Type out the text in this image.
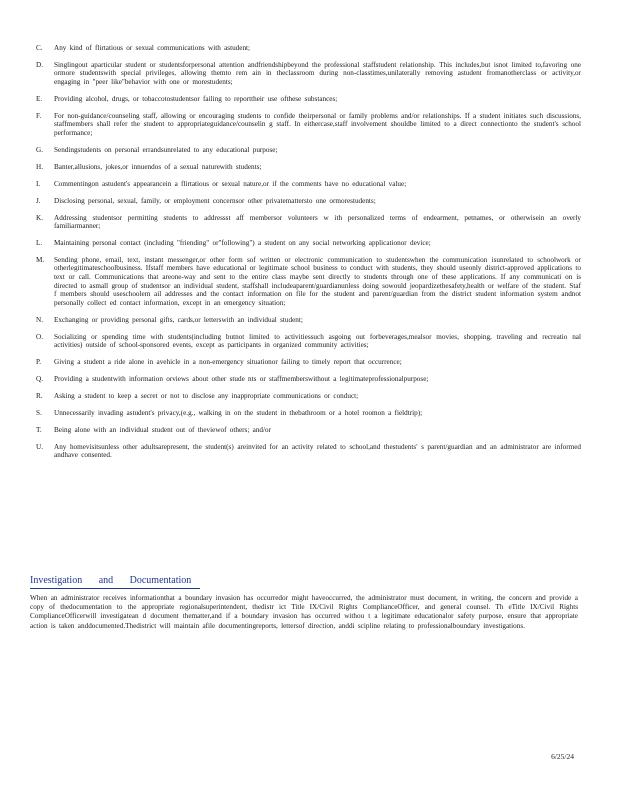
C.	Any kind of flirtatious or sexual communications with astudent;
D.	Singlingout aparticular student or studentsforpersonal attention andfriendshipbeyond the professional staffstudent relationship. This includes,but isnot limited to,favoring one ormore studentswith special privileges, allowing themto rem ain in theclassroom during non-classtimes,unilaterally removing astudent fromanotherclass or activity,or engaging in "peer like"behavior with one or morestudents;
E.	Providing alcohol, drugs, or tobaccotostudentsor failing to reporttheir use ofthese substances;
F.	For non-guidance/counseling staff, allowing or encouraging students to confide theirpersonal or family problems and/or relationships. If a student initiates such discussions, staffmembers shall refer the student to appropriateguidance/counselin g staff. In eithercase,staff involvement shouldbe limited to a direct connectionto the student's school performance;
G.	Sendingstudents on personal errandsunrelated to any educational purpose;
H.	Banter,allusions, jokes,or innuendos of a sexual naturewith students;
I.	Commentingon astudent's appearancein a flirtatious or sexual nature,or if the comments have no educational value;
J.	Disclosing personal, sexual, family, or employment concernsor other privatemattersto one ormorestudents;
K.	Addressing studentsor permitting students to addressst aff membersor volunteers w ith personalized terms of endearment, petnames, or otherwisein an overly familiarmanner;
L.	Maintaining personal contact (including "friending" or"following") a student on any social networking applicationor device;
M.	Sending phone, email, text, instant messenger,or other form sof written or electronic communication to studentswhen the communication isunrelated to schoolwork or otherlegitimateschoolbusiness. Ifstaff members have educational or legitimate school business to conduct with students, they should useonly district-approved applications to text or call. Communications that areone-way and sent to the entire class maybe sent directly to students through one of these applications. If any communicati on is directed to asmall group of studentsor an individual student, staffshall includeaparent/guardianunless doing sowould jeopardizethesafety,health or welfare of the student. Staf f members should useschoolem ail addresses and the contact information on file for the student and parent/guardian from the district student information system andnot personally collect ed contact information, except in an emergency situation;
N.	Exchanging or providing personal gifts, cards,or letterswith an individual student;
O.	Socializing or spending time with students(including butnot limited to activitiessuch asgoing out forbeverages,mealsor movies, shopping, traveling and recreatio nal activities) outside of school-sponsored events, except as participants in organized community activities;
P.	Giving a student a ride alone in avehicle in a non-emergency situationor failing to timely report that occurrence;
Q.	Providing a studentwith information orviews about other stude nts or staffmemberswithout a legitimateprofessionalpurpose;
R.	Asking a student to keep a secret or not to disclose any inappropriate communications or conduct;
S.	Unnecessarily invading astudent's privacy,(e.g., walking in on the student in thebathroom or a hotel roomon a fieldtrip);
T.	Being alone with an individual student out of theviewof others; and/or
U.	Any homevisitsunless other adultsarepresent, the student(s) areinvited for an activity related to school,and thestudents' s parent/guardian and an administrator are informed andhave consented.
Investigation and Documentation

When an administrator receives informationthat a boundary invasion has occurredor might haveoccurred, the administrator must document, in writing, the concern and provide a copy of thedocumentation to the appropriate regionalsuperintendent, thedistr ict Title IX/Civil Rights ComplianceOfficer, and general counsel. Th eTitle IX/Civil Rights ComplianceOfficerwill investigatean d document thematter,and if a boundary invasion has occurred withou t a legitimate educationalor safety purpose, ensure that appropriate action is taken anddocumented.Thedistrict will maintain afile documentingreports, lettersof direction, anddi scipline relating to professionalboundary investigations.

6/25/24
